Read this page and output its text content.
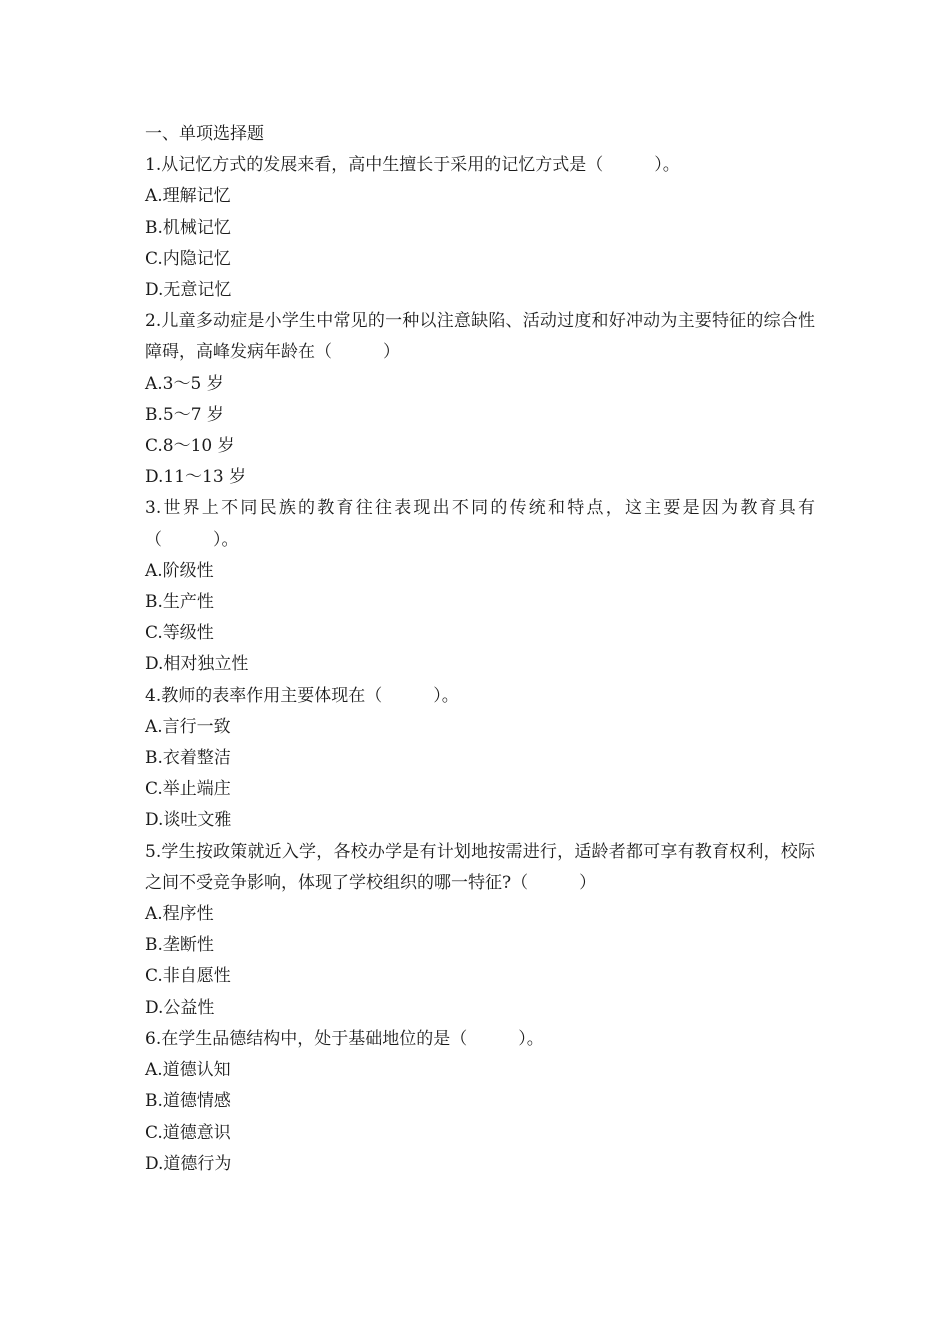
一、单项选择题

1.从记忆方式的发展来看，高中生擅长于采用的记忆方式是（　　　）。

A.理解记忆

B.机械记忆

C.内隐记忆

D.无意记忆

2.儿童多动症是小学生中常见的一种以注意缺陷、活动过度和好冲动为主要特征的综合性障碍，高峰发病年龄在（　　　）

A.3～5 岁

B.5～7 岁

C.8～10 岁

D.11～13 岁

3.世界上不同民族的教育往往表现出不同的传统和特点，这主要是因为教育具有（　　　）。

A.阶级性

B.生产性

C.等级性

D.相对独立性

4.教师的表率作用主要体现在（　　　）。

A.言行一致

B.衣着整洁

C.举止端庄

D.谈吐文雅

5.学生按政策就近入学，各校办学是有计划地按需进行，适龄者都可享有教育权利，校际之间不受竞争影响，体现了学校组织的哪一特征?（　　　）

A.程序性

B.垄断性

C.非自愿性

D.公益性

6.在学生品德结构中，处于基础地位的是（　　　）。

A.道德认知

B.道德情感

C.道德意识

D.道德行为
